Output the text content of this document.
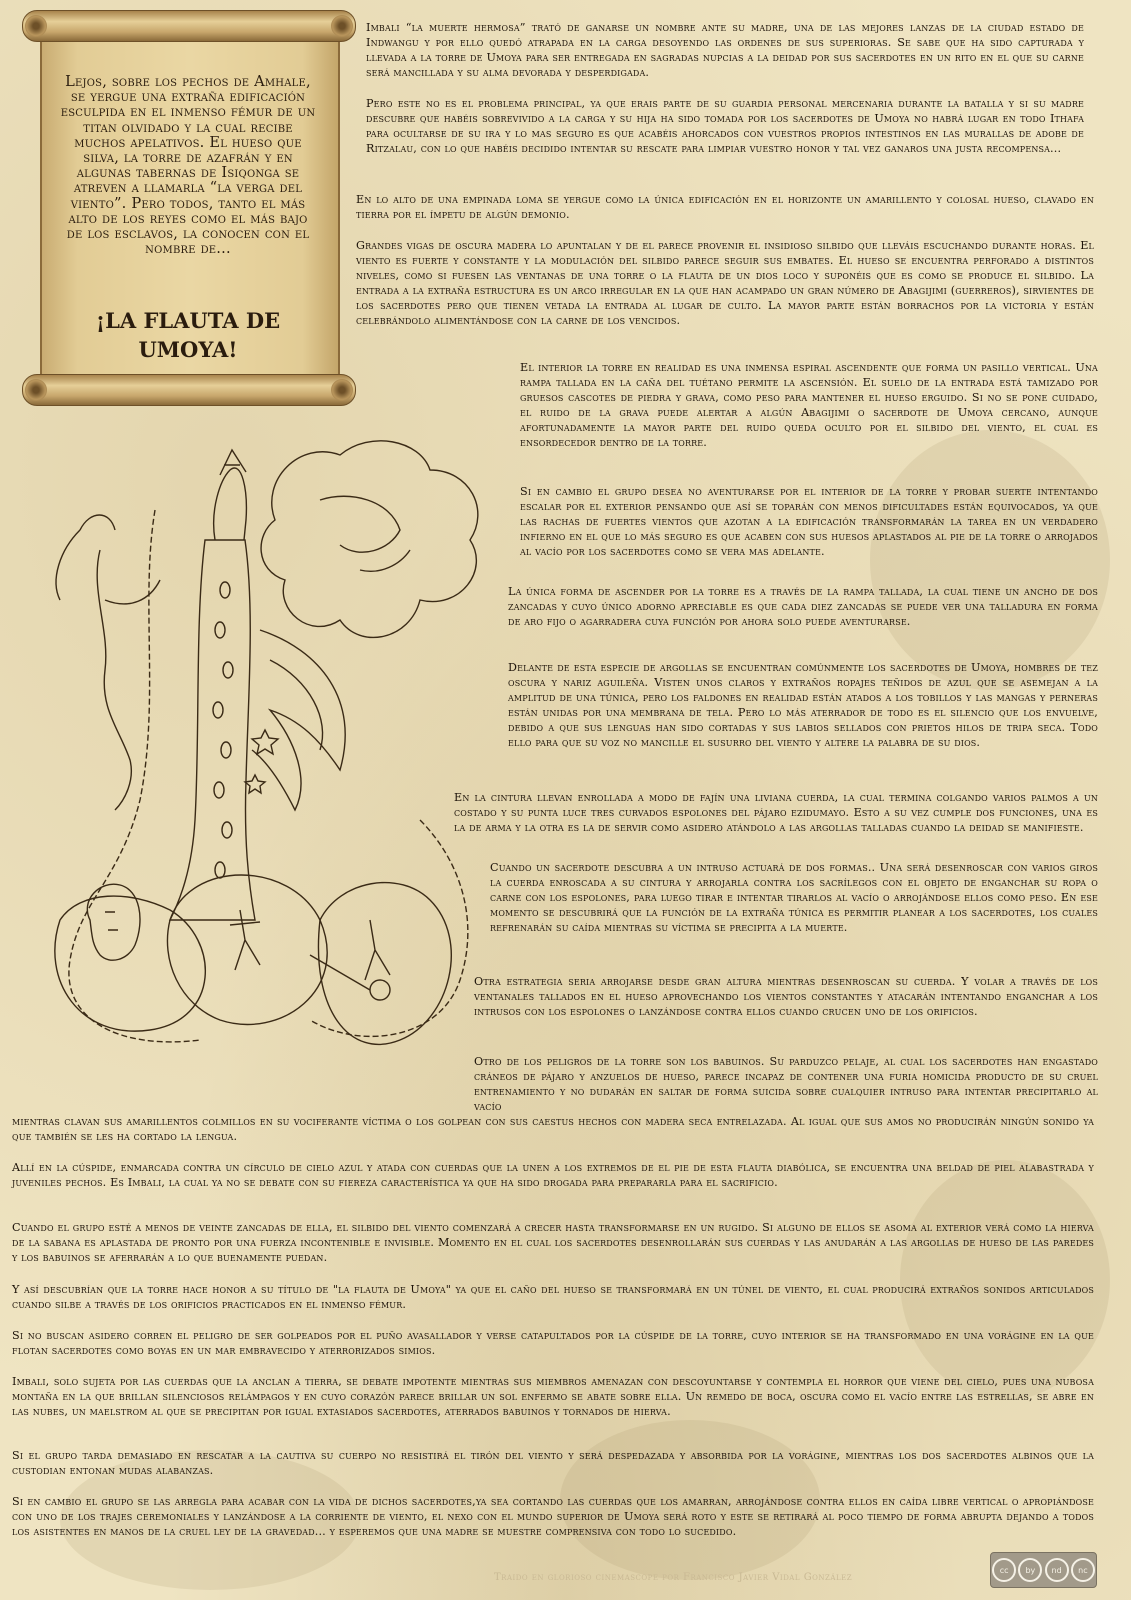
Lejos, sobre los pechos de Amhale, se yergue una extraña edificación esculpida en el inmenso fémur de un titan olvidado y la cual recibe muchos apelativos. El hueso que silva, la torre de azafrán y en algunas tabernas de Isiqonga se atreven a llamarla “la verga del viento”. Pero todos, tanto el más alto de los reyes como el más bajo de los esclavos, la conocen con el nombre de...
¡LA FLAUTA DE UMOYA!

Imbali “la muerte hermosa” trató de ganarse un nombre ante su madre, una de las mejores lanzas de la ciudad estado de Indwangu y por ello quedó atrapada en la carga desoyendo las ordenes de sus superioras. Se sabe que ha sido capturada y llevada a la torre de Umoya para ser entregada en sagradas nupcias a la deidad por sus sacerdotes en un rito en el que su carne será mancillada y su alma devorada y desperdigada.

Pero este no es el problema principal, ya que erais parte de su guardia personal mercenaria durante la batalla y si su madre descubre que habéis sobrevivido a la carga y su hija ha sido tomada por los sacerdotes de Umoya no habrá lugar en todo Ithafa para ocultarse de su ira y lo mas seguro es que acabéis ahorcados con vuestros propios intestinos en las murallas de adobe de Ritzalau, con lo que habéis decidido intentar su rescate para limpiar vuestro honor y tal vez ganaros una justa recompensa...

En lo alto de una empinada loma se yergue como la única edificación en el horizonte un amarillento y colosal hueso, clavado en tierra por el ímpetu de algún demonio.

Grandes vigas de oscura madera lo apuntalan y de el parece provenir el insidioso silbido que lleváis escuchando durante horas. El viento es fuerte y constante y la modulación del silbido parece seguir sus embates. El hueso se encuentra perforado a distintos niveles, como si fuesen las ventanas de una torre o la flauta de un dios loco y suponéis que es como se produce el silbido. La entrada a la extraña estructura es un arco irregular en la que han acampado un gran número de Abagijimi (guerreros), sirvientes de los sacerdotes pero que tienen vetada la entrada al lugar de culto. La mayor parte están borrachos por la victoria y están celebrándolo alimentándose con la carne de los vencidos.

El interior la torre en realidad es una inmensa espiral ascendente que forma un pasillo vertical. Una rampa tallada en la caña del tuétano permite la ascensión. El suelo de la entrada está tamizado por gruesos cascotes de piedra y grava, como peso para mantener el hueso erguido. Si no se pone cuidado, el ruido de la grava puede alertar a algún Abagijimi o sacerdote de Umoya cercano, aunque afortunadamente la mayor parte del ruido queda oculto por el silbido del viento, el cual es ensordecedor dentro de la torre.

Si en cambio el grupo desea no aventurarse por el interior de la torre y probar suerte intentando escalar por el exterior pensando que así se toparán con menos dificultades están equivocados, ya que las rachas de fuertes vientos que azotan a la edificación transformarán la tarea en un verdadero infierno en el que lo más seguro es que acaben con sus huesos aplastados al pie de la torre o arrojados al vacío por los sacerdotes como se vera mas adelante.

La única forma de ascender por la torre es a través de la rampa tallada, la cual tiene un ancho de dos zancadas y cuyo único adorno apreciable es que cada diez zancadas se puede ver una talladura en forma de aro fijo o agarradera cuya función por ahora solo puede aventurarse.

Delante de esta especie de argollas se encuentran comúnmente los sacerdotes de Umoya, hombres de tez oscura y nariz aguileña. Visten unos claros y extraños ropajes teñidos de azul que se asemejan a la amplitud de una túnica, pero los faldones en realidad están atados a los tobillos y las mangas y perneras están unidas por una membrana de tela. Pero lo más aterrador de todo es el silencio que los envuelve, debido a que sus lenguas han sido cortadas y sus labios sellados con prietos hilos de tripa seca. Todo ello para que su voz no mancille el susurro del viento y altere la palabra de su dios.

En la cintura llevan enrollada a modo de fajín una liviana cuerda, la cual termina colgando varios palmos a un costado y su punta luce tres curvados espolones del pájaro ezidumayo. Esto a su vez cumple dos funciones, una es la de arma y la otra es la de servir como asidero atándolo a las argollas talladas cuando la deidad se manifieste.

Cuando un sacerdote descubra a un intruso actuará de dos formas.. Una será desenroscar con varios giros la cuerda enroscada a su cintura y arrojarla contra los sacrílegos con el objeto de enganchar su ropa o carne con los espolones, para luego tirar e intentar tirarlos al vacío o arrojándose ellos como peso. En ese momento se descubrirá que la función de la extraña túnica es permitir planear a los sacerdotes, los cuales refrenarán su caída mientras su víctima se precipita a la muerte.

Otra estrategia seria arrojarse desde gran altura mientras desenroscan su cuerda. Y volar a través de los ventanales tallados en el hueso aprovechando los vientos constantes y atacarán intentando enganchar a los intrusos con los espolones o lanzándose contra ellos cuando crucen uno de los orificios.

Otro de los peligros de la torre son los babuinos. Su parduzco pelaje, al cual los sacerdotes han engastado cráneos de pájaro y anzuelos de hueso, parece incapaz de contener una furia homicida producto de su cruel entrenamiento y no dudarán en saltar de forma suicida sobre cualquier intruso para intentar precipitarlo al vacío

mientras clavan sus amarillentos colmillos en su vociferante víctima o los golpean con sus caestus hechos con madera seca entrelazada. Al igual que sus amos no producirán ningún sonido ya que también se les ha cortado la lengua.

Allí en la cúspide, enmarcada contra un círculo de cielo azul y atada con cuerdas que la unen a los extremos de el pie de esta flauta diabólica, se encuentra una beldad de piel alabastrada y juveniles pechos. Es Imbali, la cual ya no se debate con su fiereza característica ya que ha sido drogada para prepararla para el sacrificio.

Cuando el grupo esté a menos de veinte zancadas de ella, el silbido del viento comenzará a crecer hasta transformarse en un rugido. Si alguno de ellos se asoma al exterior verá como la hierva de la sabana es aplastada de pronto por una fuerza incontenible e invisible. Momento en el cual los sacerdotes desenrollarán sus cuerdas y las anudarán a las argollas de hueso de las paredes y los babuinos se aferrarán a lo que buenamente puedan.

Y así descubrían que la torre hace honor a su título de "la flauta de Umoya" ya que el caño del hueso se transformará en un túnel de viento, el cual producirá extraños sonidos articulados cuando silbe a través de los orificios practicados en el inmenso fémur.

Si no buscan asidero corren el peligro de ser golpeados por el puño avasallador y verse catapultados por la cúspide de la torre, cuyo interior se ha transformado en una vorágine en la que flotan sacerdotes como boyas en un mar embravecido y aterrorizados simios.

Imbali, solo sujeta por las cuerdas que la anclan a tierra, se debate impotente mientras sus miembros amenazan con descoyuntarse y contempla el horror que viene del cielo, pues una nubosa montaña en la que brillan silenciosos relámpagos y en cuyo corazón parece brillar un sol enfermo se abate sobre ella. Un remedo de boca, oscura como el vacío entre las estrellas, se abre en las nubes, un maelstrom al que se precipitan por igual extasiados sacerdotes, aterrados babuinos y tornados de hierva.

Si el grupo tarda demasiado en rescatar a la cautiva su cuerpo no resistirá el tirón del viento y será despedazada y absorbida por la vorágine, mientras los dos sacerdotes albinos que la custodian entonan mudas alabanzas.

Si en cambio el grupo se las arregla para acabar con la vida de dichos sacerdotes,ya sea cortando las cuerdas que los amarran, arrojándose contra ellos en caída libre vertical o apropiándose con uno de los trajes ceremoniales y lanzándose a la corriente de viento, el nexo con el mundo superior de Umoya será roto y este se retirará al poco tiempo de forma abrupta dejando a todos los asistentes en manos de la cruel ley de la gravedad... y esperemos que una madre se muestre comprensiva con todo lo sucedido.

Traido en glorioso cinemascope por Francisco Javier Vidal González
cc	by	nd	nc
